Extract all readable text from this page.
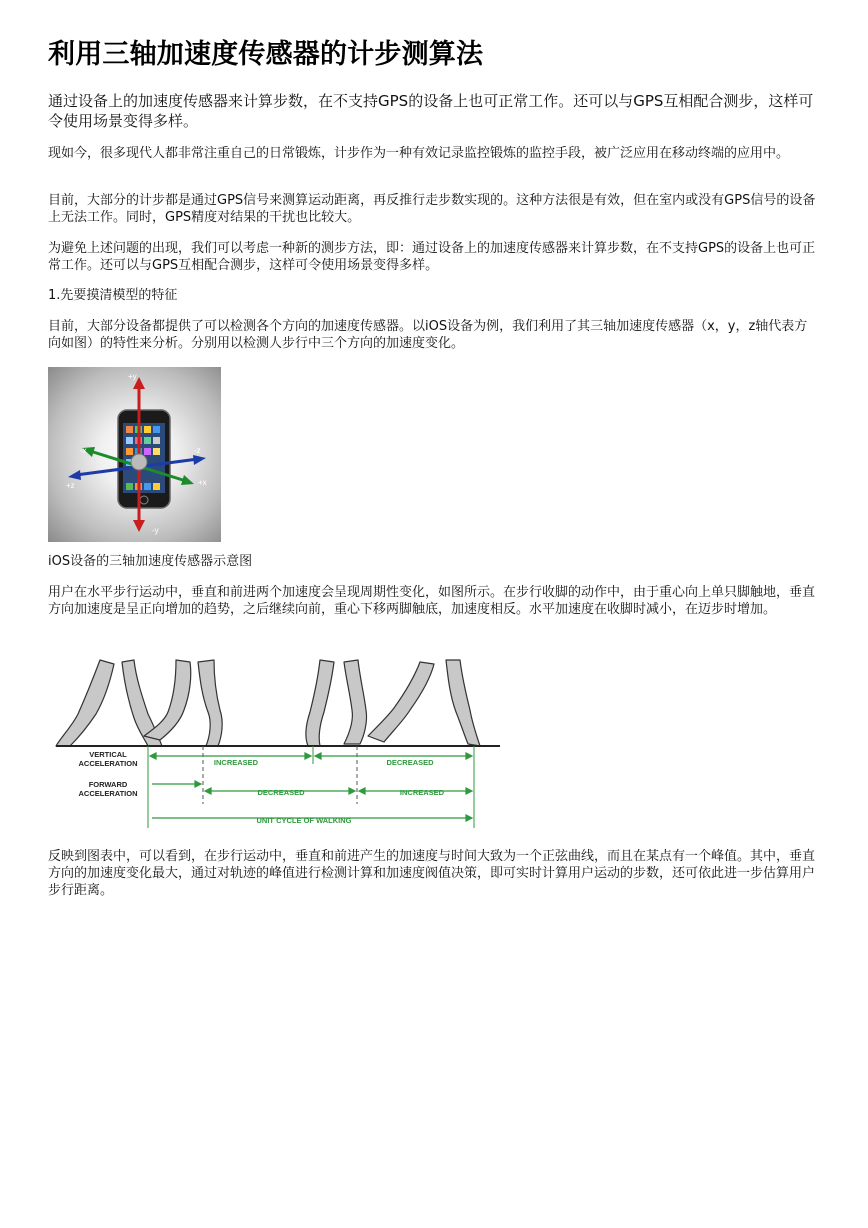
利用三轴加速度传感器的计步测算法

通过设备上的加速度传感器来计算步数，在不支持GPS的设备上也可正常工作。还可以与GPS互相配合测步，这样可令使用场景变得多样。

现如今，很多现代人都非常注重自己的日常锻炼，计步作为一种有效记录监控锻炼的监控手段，被广泛应用在移动终端的应用中。

目前，大部分的计步都是通过GPS信号来测算运动距离，再反推行走步数实现的。这种方法很是有效，但在室内或没有GPS信号的设备上无法工作。同时，GPS精度对结果的干扰也比较大。

为避免上述问题的出现，我们可以考虑一种新的测步方法，即：通过设备上的加速度传感器来计算步数，在不支持GPS的设备上也可正常工作。还可以与GPS互相配合测步，这样可令使用场景变得多样。

1.先要摸清模型的特征

目前，大部分设备都提供了可以检测各个方向的加速度传感器。以iOS设备为例，我们利用了其三轴加速度传感器（x，y，z轴代表方向如图）的特性来分析。分别用以检测人步行中三个方向的加速度变化。

+y
-y
+x
-x
+z
-z

iOS设备的三轴加速度传感器示意图

用户在水平步行运动中，垂直和前进两个加速度会呈现周期性变化，如图所示。在步行收脚的动作中，由于重心向上单只脚触地，垂直方向加速度是呈正向增加的趋势，之后继续向前，重心下移两脚触底，加速度相反。水平加速度在收脚时减小，在迈步时增加。

VERTICAL
ACCELERATION
FORWARD
ACCELERATION
INCREASED	DECREASED
DECREASED	INCREASED
UNIT CYCLE OF WALKING

反映到图表中，可以看到，在步行运动中，垂直和前进产生的加速度与时间大致为一个正弦曲线，而且在某点有一个峰值。其中，垂直方向的加速度变化最大，通过对轨迹的峰值进行检测计算和加速度阀值决策，即可实时计算用户运动的步数，还可依此进一步估算用户步行距离。
